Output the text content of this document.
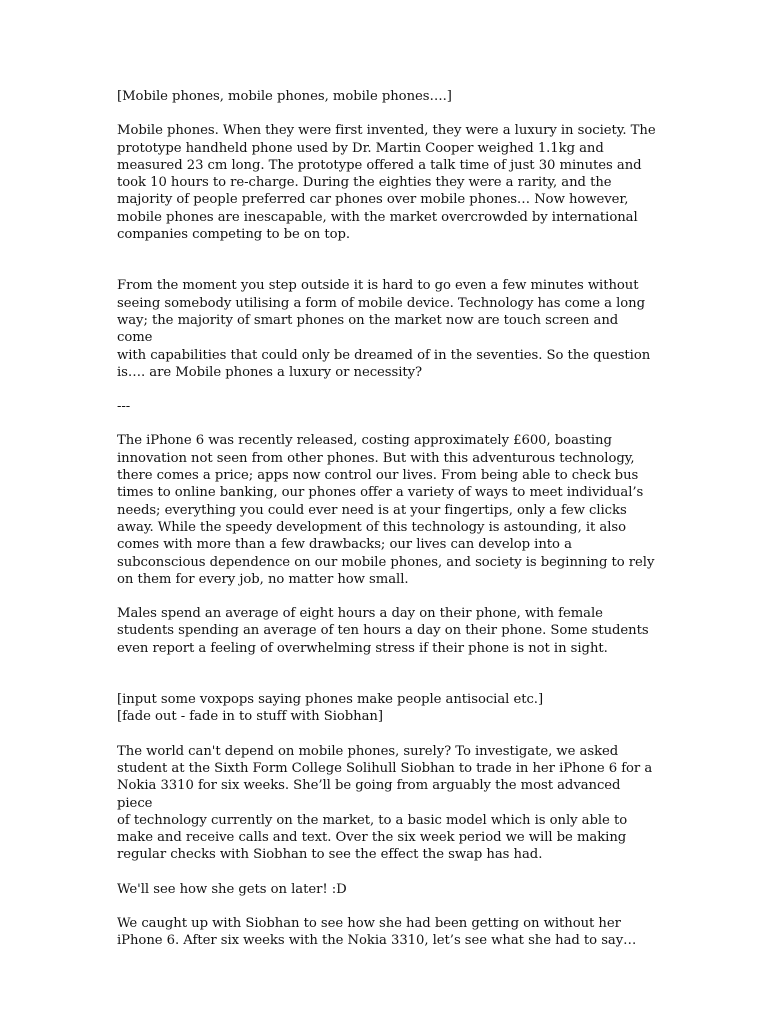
[Mobile phones, mobile phones, mobile phones….]

Mobile phones. When they were first invented, they were a luxury in society. The
prototype handheld phone used by Dr. Martin Cooper weighed 1.1kg and
measured 23 cm long. The prototype offered a talk time of just 30 minutes and
took 10 hours to re-charge. During the eighties they were a rarity, and the
majority of people preferred car phones over mobile phones… Now however,
mobile phones are inescapable, with the market overcrowded by international
companies competing to be on top.

From the moment you step outside it is hard to go even a few minutes without
seeing somebody utilising a form of mobile device. Technology has come a long
way; the majority of smart phones on the market now are touch screen and come
with capabilities that could only be dreamed of in the seventies. So the question
is…. are Mobile phones a luxury or necessity?

---

The iPhone 6 was recently released, costing approximately £600, boasting
innovation not seen from other phones. But with this adventurous technology,
there comes a price; apps now control our lives. From being able to check bus
times to online banking, our phones offer a variety of ways to meet individual’s
needs; everything you could ever need is at your fingertips, only a few clicks
away. While the speedy development of this technology is astounding, it also
comes with more than a few drawbacks; our lives can develop into a
subconscious dependence on our mobile phones, and society is beginning to rely
on them for every job, no matter how small.

Males spend an average of eight hours a day on their phone, with female
students spending an average of ten hours a day on their phone. Some students
even report a feeling of overwhelming stress if their phone is not in sight.

[input some voxpops saying phones make people antisocial etc.]
[fade out - fade in to stuff with Siobhan]

The world can't depend on mobile phones, surely? To investigate, we asked
student at the Sixth Form College Solihull Siobhan to trade in her iPhone 6 for a
Nokia 3310 for six weeks. She’ll be going from arguably the most advanced piece
of technology currently on the market, to a basic model which is only able to
make and receive calls and text. Over the six week period we will be making
regular checks with Siobhan to see the effect the swap has had.

We'll see how she gets on later! :D

We caught up with Siobhan to see how she had been getting on without her
iPhone 6. After six weeks with the Nokia 3310, let’s see what she had to say…
